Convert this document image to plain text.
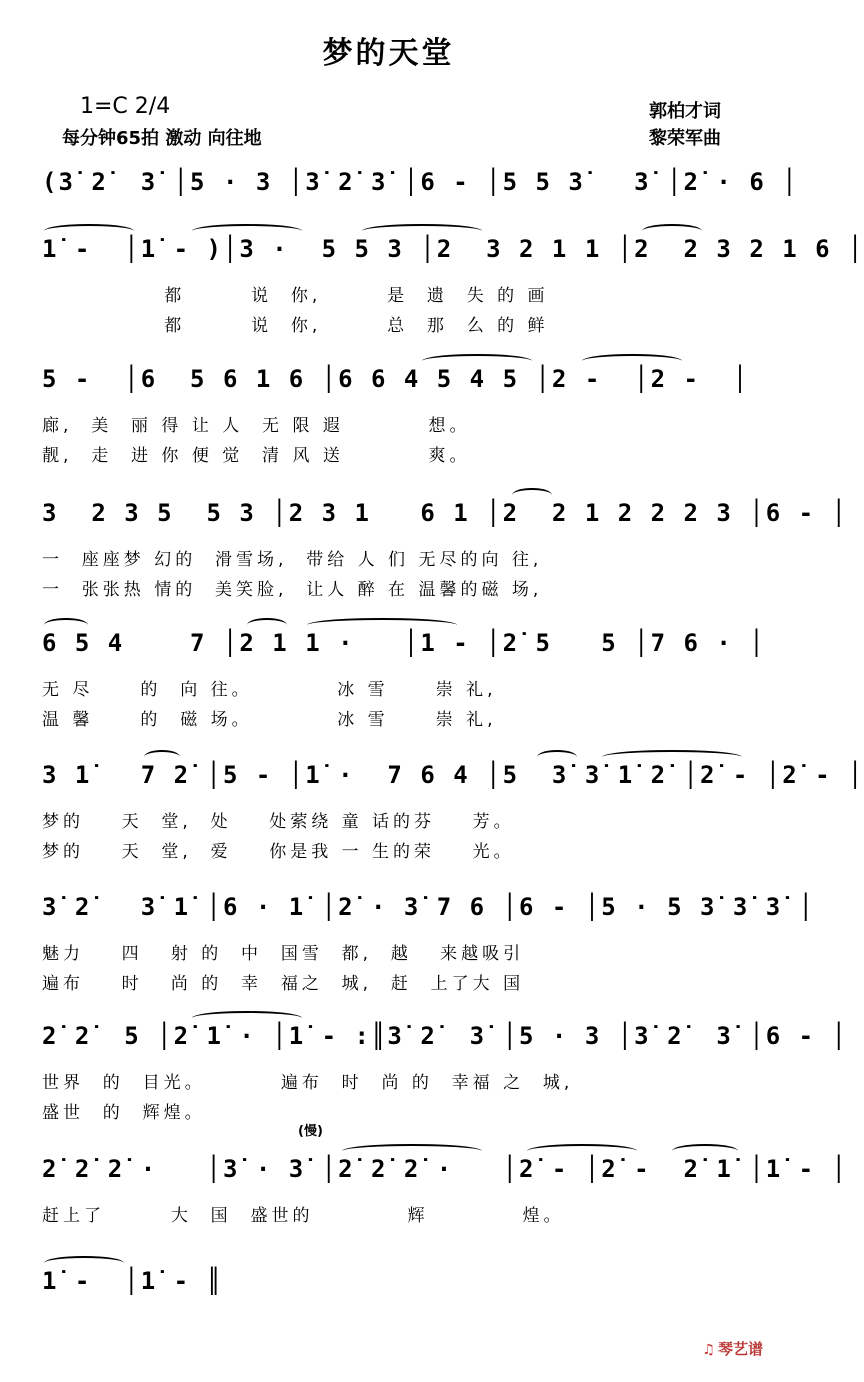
梦的天堂
1=C 2/4
每分钟65拍 激动 向往地
郭柏才词
黎荣军曲
(3̇ 2̇  3̇ │5 · 3 │3̇ 2̇ 3̇ │6 - │5 5 3̇   3̇ │2̇ · 6 │
1̇ -  │1̇ - )│3 ·  5 5 3 │2  3 2 1 1 │2  2 3 2 1 6 │
都       说  你,       是  遗  失 的 画
都       说  你,       总  那  么 的 鲜
5 -  │6  5 6 1 6 │6 6 4 5 4 5 │2 -  │2 -  │
廊,  美  丽 得 让 人  无 限 遐         想。
靓,  走  进 你 便 觉  清 风 送         爽。
3  2 3 5  5 3 │2 3 1   6 1 │2  2 1 2 2 2 3 │6 - │
一  座座梦 幻的  滑雪场,  带给 人 们 无尽的向 往,
一  张张热 情的  美笑脸,  让人 醉 在 温馨的磁 场,
6 5 4    7 │2 1 1 ·   │1 - │2̇ 5   5 │7 6 · │
无 尽     的  向 往。         冰 雪     崇 礼,
温 馨     的  磁 场。         冰 雪     崇 礼,
3 1̇   7 2̇ │5 - │1̇ ·  7 6 4 │5  3̇ 3̇ 1̇ 2̇ │2̇ - │2̇ - │
梦的    天  堂,  处    处萦绕 童 话的芬    芳。
梦的    天  堂,  爱    你是我 一 生的荣    光。
3̇ 2̇   3̇ 1̇ │6 · 1̇ │2̇ · 3̇ 7 6 │6 - │5 · 5 3̇ 3̇ 3̇ │
魅力    四   射 的  中  国雪  都,  越   来越吸引
遍布    时   尚 的  幸  福之  城,  赶  上了大 国
2̇ 2̇  5 │2̇ 1̇ · │1̇ - :║3̇ 2̇  3̇ │5 · 3 │3̇ 2̇  3̇ │6 - │
世界  的  目光。        遍布  时  尚 的  幸福 之  城,
盛世  的  辉煌。
(慢)
2̇ 2̇ 2̇ ·   │3̇ · 3̇ │2̇ 2̇ 2̇ ·   │2̇ - │2̇ -  2̇ 1̇ │1̇ - │
赶上了       大  国  盛世的          辉          煌。
1̇ -  │1̇ - ║
♫ 琴艺谱
